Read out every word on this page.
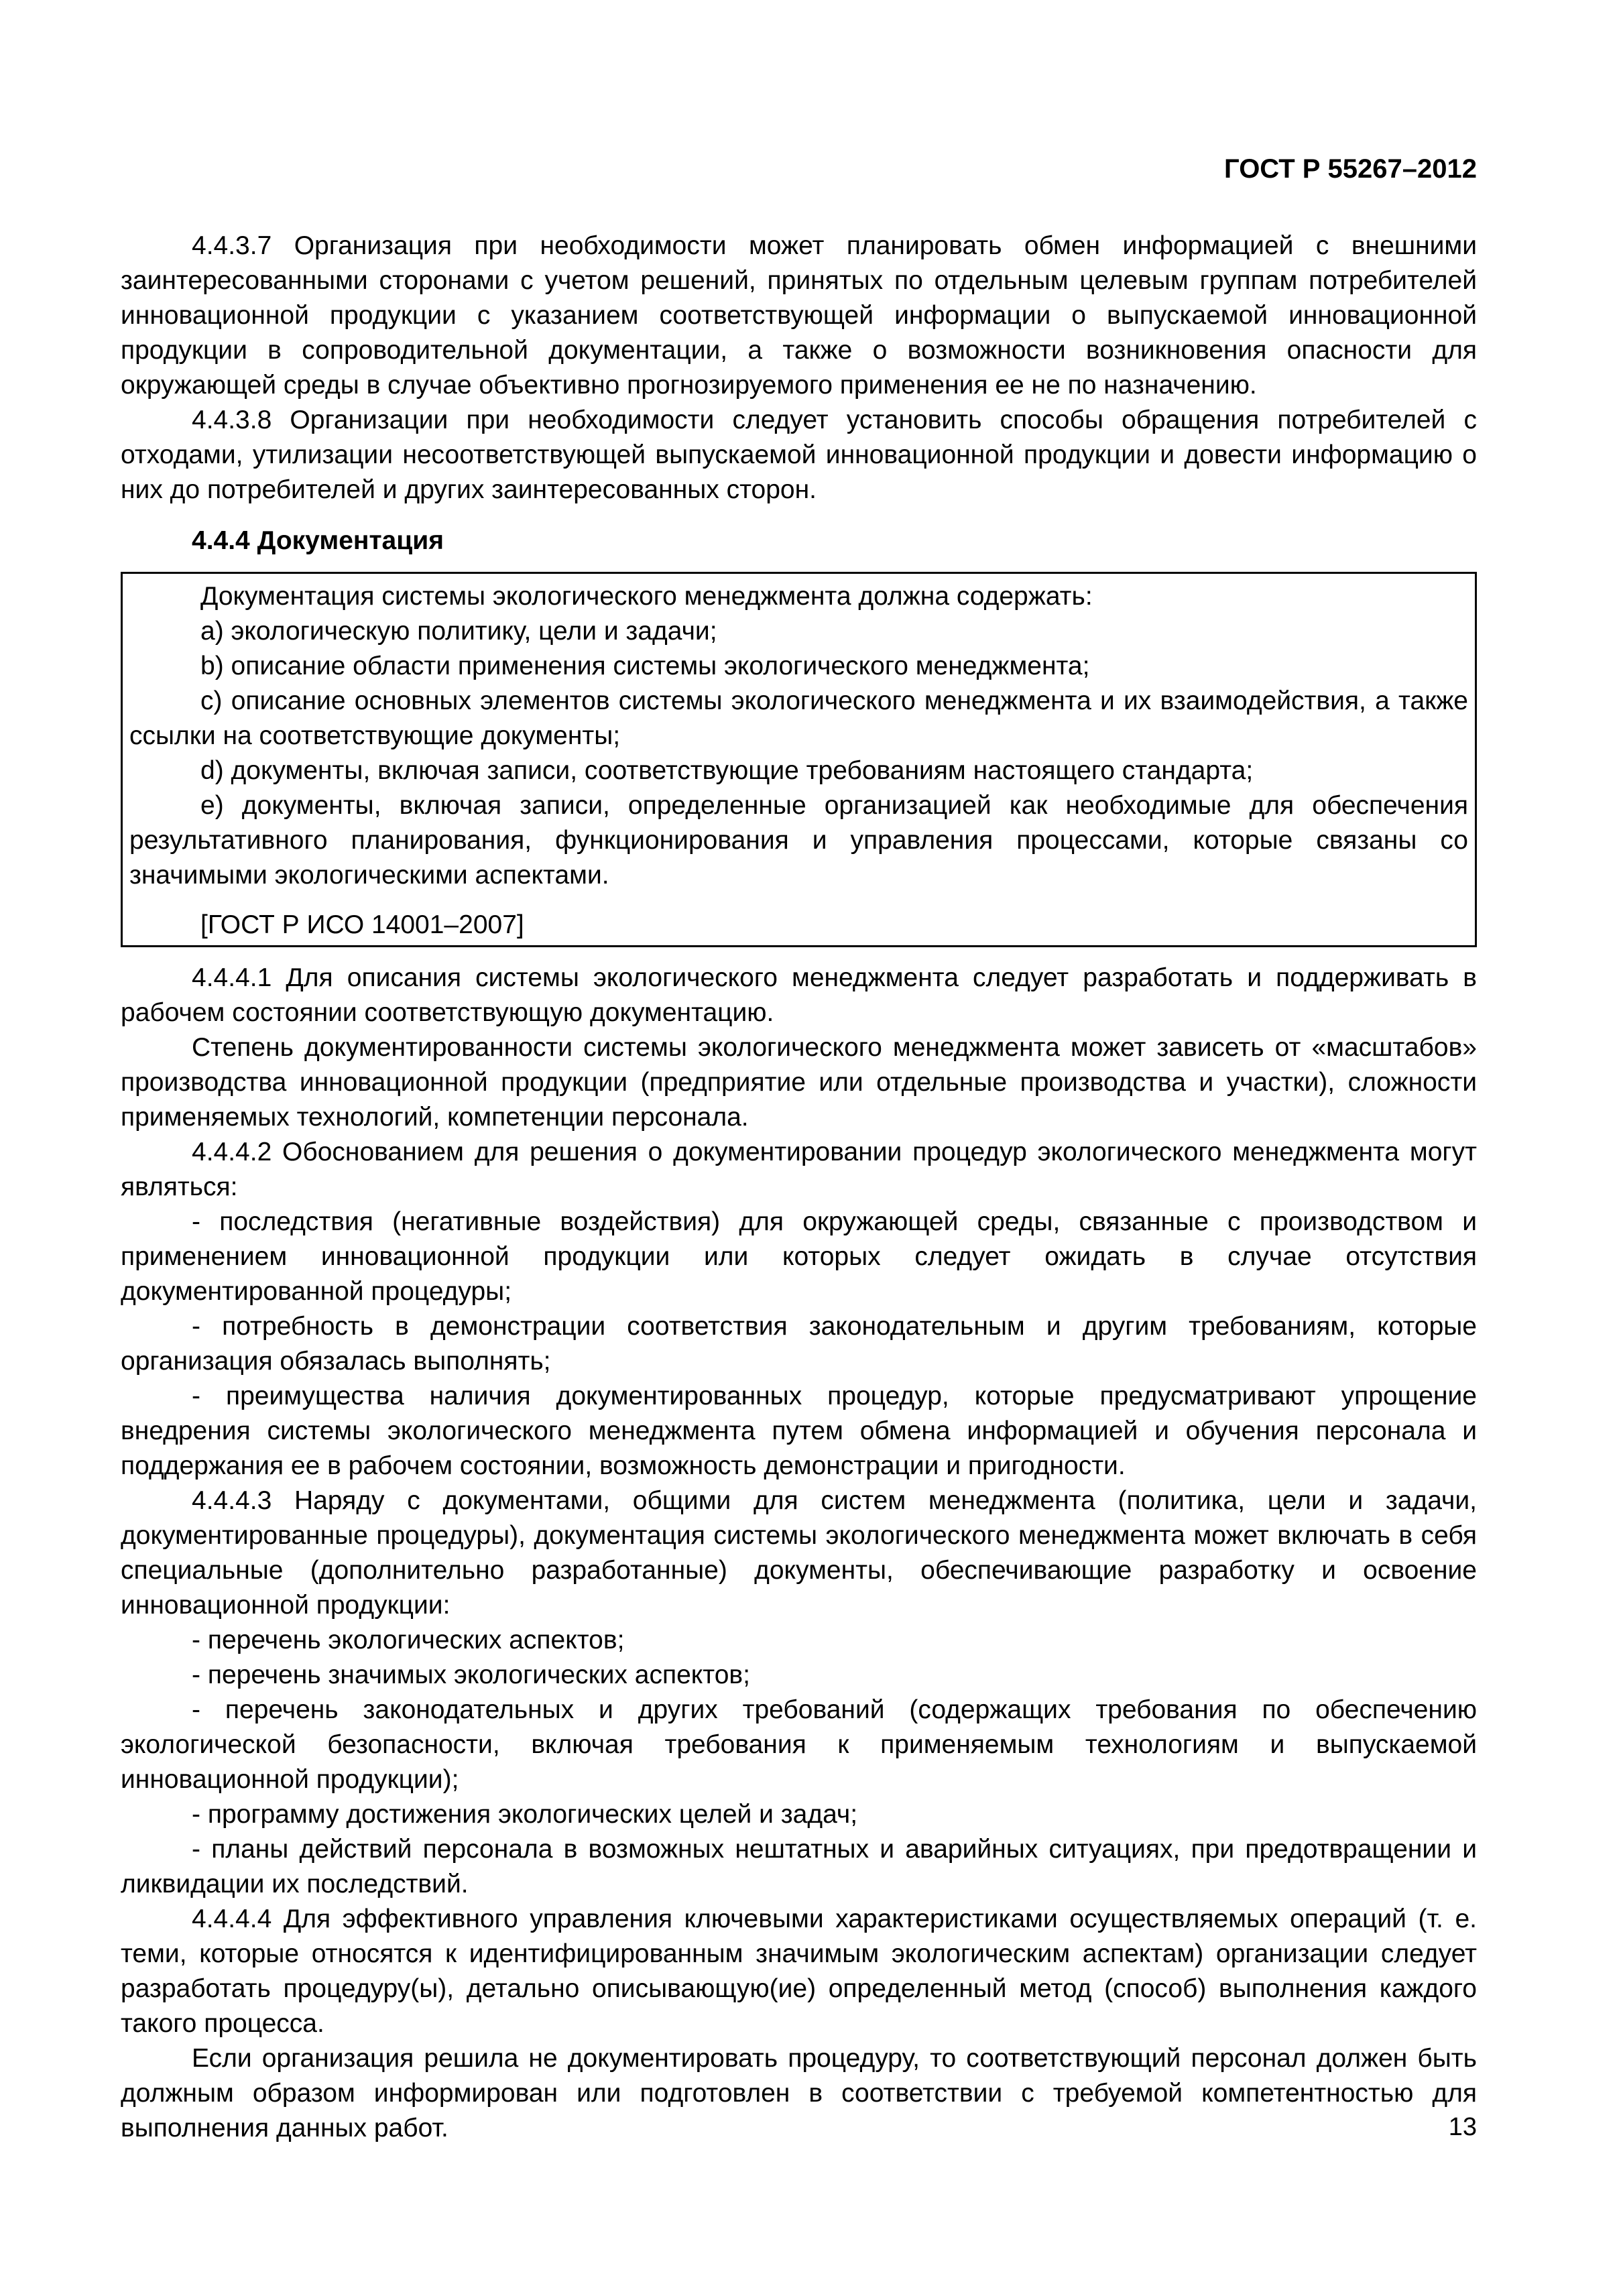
ГОСТ Р 55267–2012

4.4.3.7 Организация при необходимости может планировать обмен информацией с внешними заинтересованными сторонами с учетом решений, принятых по отдельным целевым группам потребителей инновационной продукции с указанием соответствующей информации о выпускаемой инновационной продукции в сопроводительной документации, а также о возможности возникновения опасности для окружающей среды в случае объективно прогнозируемого применения ее не по назначению.

4.4.3.8 Организации при необходимости следует установить способы обращения потребителей с отходами, утилизации несоответствующей выпускаемой инновационной продукции и довести информацию о них до потребителей и других заинтересованных сторон.

4.4.4 Документация

Документация системы экологического менеджмента должна содержать:

a) экологическую политику, цели и задачи;

b) описание области применения системы экологического менеджмента;

c) описание основных элементов системы экологического менеджмента и их взаимодействия, а также ссылки на соответствующие документы;

d) документы, включая записи, соответствующие требованиям настоящего стандарта;

e) документы, включая записи, определенные организацией как необходимые для обеспечения результативного планирования, функционирования и управления процессами, которые связаны со значимыми экологическими аспектами.

[ГОСТ Р ИСО 14001–2007]

4.4.4.1 Для описания системы экологического менеджмента следует разработать и поддерживать в рабочем состоянии соответствующую документацию.

Степень документированности системы экологического менеджмента может зависеть от «масштабов» производства инновационной продукции (предприятие или отдельные производства и участки), сложности применяемых технологий, компетенции персонала.

4.4.4.2 Обоснованием для решения о документировании процедур экологического менеджмента могут являться:

- последствия (негативные воздействия) для окружающей среды, связанные с производством и применением инновационной продукции или которых следует ожидать в случае отсутствия документированной процедуры;

- потребность в демонстрации соответствия законодательным и другим требованиям, которые организация обязалась выполнять;

- преимущества наличия документированных процедур, которые предусматривают упрощение внедрения системы экологического менеджмента путем обмена информацией и обучения персонала и поддержания ее в рабочем состоянии, возможность демонстрации и пригодности.

4.4.4.3 Наряду с документами, общими для систем менеджмента (политика, цели и задачи, документированные процедуры), документация системы экологического менеджмента может включать в себя специальные (дополнительно разработанные) документы, обеспечивающие разработку и освоение инновационной продукции:

- перечень экологических аспектов;

- перечень значимых экологических аспектов;

- перечень законодательных и других требований (содержащих требования по обеспечению экологической безопасности, включая требования к применяемым технологиям и выпускаемой инновационной продукции);

- программу достижения экологических целей и задач;

- планы действий персонала в возможных нештатных и аварийных ситуациях, при предотвращении и ликвидации их последствий.

4.4.4.4 Для эффективного управления ключевыми характеристиками осуществляемых операций (т. е. теми, которые относятся к идентифицированным значимым экологическим аспектам) организации следует разработать процедуру(ы), детально описывающую(ие) определенный метод (способ) выполнения каждого такого процесса.

Если организация решила не документировать процедуру, то соответствующий персонал должен быть должным образом информирован или подготовлен в соответствии с требуемой компетентностью для выполнения данных работ.	13
